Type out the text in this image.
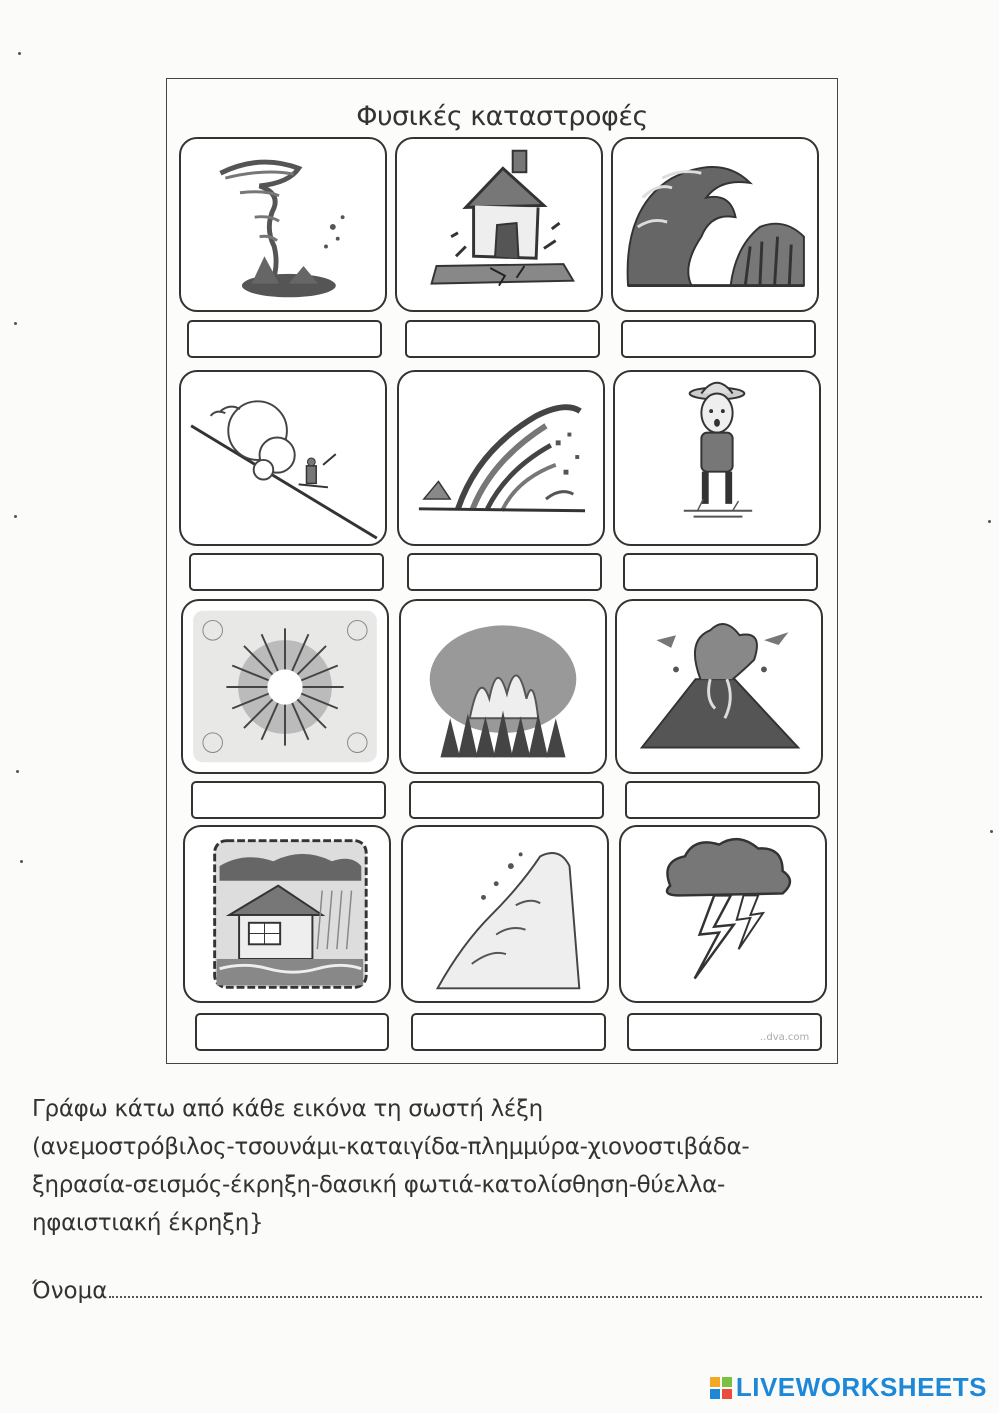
Φυσικές καταστροφές
..dva.com
Γράφω κάτω από κάθε εικόνα τη σωστή λέξη
(ανεμοστρόβιλος-τσουνάμι-καταιγίδα-πλημμύρα-χιονοστιβάδα-
ξηρασία-σεισμός-έκρηξη-δασική φωτιά-κατολίσθηση-θύελλα-
ηφαιστιακή έκρηξη}
Όνομα
LIVEWORKSHEETS
